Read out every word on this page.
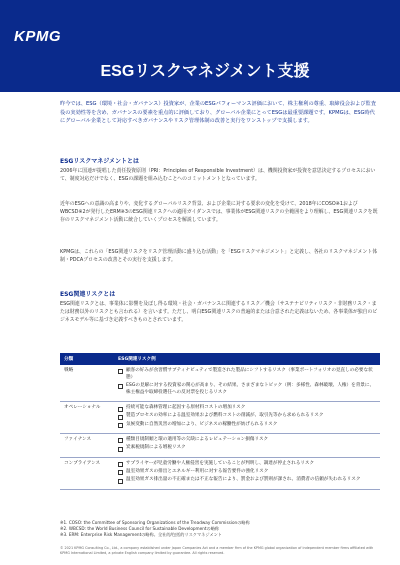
KPMG
ESGリスクマネジメント支援
昨今では、ESG（環境・社会・ガバナンス）投資家が、企業のESGパフォーマンス評価において、株主権利の尊重、取締役会および監査役の実効性等を含め、ガバナンスの要素を重点的に評価しており、グローバル企業にとってESGは最重要課題です。KPMGは、ESG時代にグローバル企業として対応すべきガバナンスやリスク管理体制の改善と実行をワンストップで支援します。
ESGリスクマネジメントとは
2006年に国連が提唱した責任投資原則（PRI：Principles of Responsible Investment）は、機関投資家が投資を意思決定するプロセスにおいて、制度対応だけでなく、ESGの課題を組み込むことへのコミットメントとなっています。
近年のESGへの意識の高まりや、変化するグローバルリスク背景、および企業に対する要求の変化を受けて、2018年にCOSO※1およびWBCSD※2が発行したERM※3のESG関連リスクへの適用ガイダンスでは、事業体がESG関連リスクの全範囲をより理解し、ESG関連リスクを既存のリスクマネジメント活動に統合していくプロセスを解説しています。
KPMGは、これらの「ESG関連リスクをリスク管理活動に盛り込む活動」を「ESGリスクマネジメント」と定義し、各社のリスクマネジメント体制・PDCAプロセスの改善とその実行を支援します。
ESG関連リスクとは
ESG関連リスクとは、事業体に影響を及ぼし得る環境・社会・ガバナンスに関連するリスク／機会（サステナビリティリスク・非財務リスク・または財務以外のリスクとも言われる）を言います。ただし、明白ESG関連リスクの普遍的または合意された定義はないため、各事業体が独自のビジネスモデル等に基づき定義すべきものとされています。
分類	ESG関連リスク例
戦略	顧客の好みが食習慣サブティナビュティで製造された製品にシフトするリスク（事業ポートフォリオの見直しの必要な状態）
ESGの見解に対する投資家の関心が高まり、その結果、さまざまなトピック（例：多様性、森林破壊、人権）を背景に、株主権益や取締役選任への反対票を投じるリスク

オペレーショナル	持続可能な森林管理に起因する原材料コストの増加リスク
製造プロセスの効率による温室効果および燃料コストの削減が、取引先等から求められるリスク
気候変動に自然災害の増加により、ビジネスの稼働性が妨げられるリスク

ファイナンス	種類目規制順と環の適用等の欠缺によるレピュテーション損傷リスク
炭素税規制による増税リスク

コンプライアンス	サプライヤーが児童労働や人権侵害を実施していることが判明し、調達が停止されるリスク
温室効果ガスの排出とエネルギー利用に対する報告要件の強化リスク
温室効果ガス排出量の不正確または不正な報告により、罰金および罰則が課され、消費者の信頼が失われるリスク
※1. COSO: the Committee of Sponsoring Organizations of the Treadway Commissionの略称
※2. WBCSD: the World Business Council for Sustainable Developmentの略称
※3. ERM: Enterprise Risk Managementの略称。全社的/包括的リスクマネジメント
© 2021 KPMG Consulting Co., Ltd., a company established under Japan Companies Act and a member firm of the KPMG global organization of independent member firms affiliated with KPMG International Limited, a private English company limited by guarantee. All rights reserved.
